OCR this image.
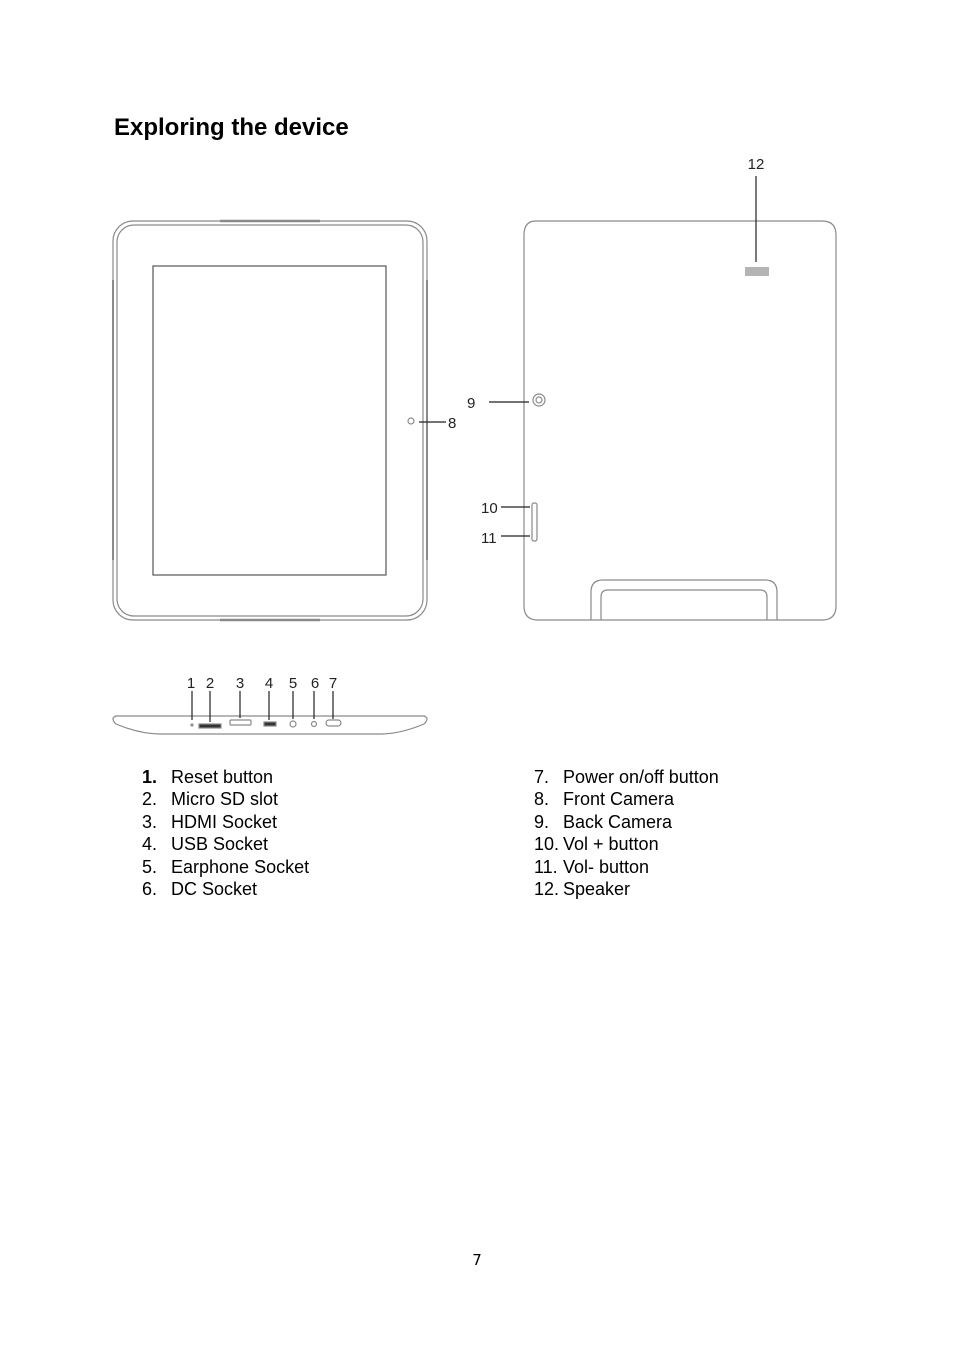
Exploring the device
8
9
10
11
12
1 2 3 4 5 6 7
1. Reset button
2. Micro SD slot
3. HDMI Socket
4. USB Socket
5. Earphone Socket
6. DC Socket
7. Power on/off button
8. Front Camera
9. Back Camera
10. Vol + button
11. Vol- button
12. Speaker
7
